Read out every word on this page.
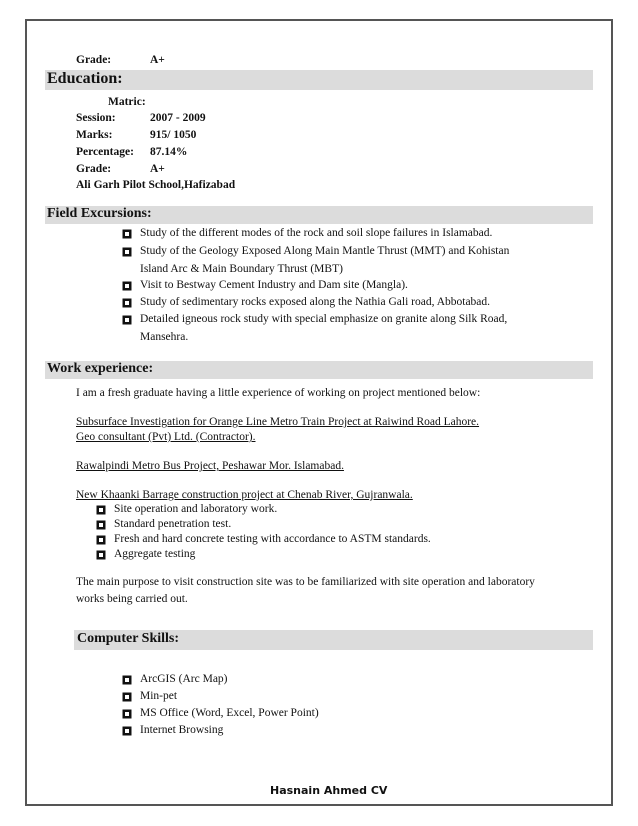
Grade:	A+
Education:
Matric:
Session:	2007 - 2009
Marks:	915/ 1050
Percentage: 87.14%
Grade:	A+
Ali Garh Pilot School,Hafizabad
Field Excursions:
Study of the different modes of the rock and soil slope failures in Islamabad.
Study of the Geology Exposed Along Main Mantle Thrust (MMT) and Kohistan
Island Arc & Main Boundary Thrust (MBT)
Visit to Bestway Cement Industry and Dam site (Mangla).
Study of sedimentary rocks exposed along the Nathia Gali road, Abbotabad.
Detailed igneous rock study with special emphasize on granite along Silk Road,
Mansehra.
Work experience:
I am a fresh graduate having a little experience of working on project mentioned below:
Subsurface Investigation for Orange Line Metro Train Project at Raiwind Road Lahore.
Geo consultant (Pvt) Ltd. (Contractor).
Rawalpindi Metro Bus Project, Peshawar Mor. Islamabad.
New Khaanki Barrage construction project at Chenab River, Gujranwala.
Site operation and laboratory work.
Standard penetration test.
Fresh and hard concrete testing with accordance to ASTM standards.
Aggregate testing
The main purpose to visit construction site was to be familiarized with site operation and laboratory
works being carried out.
Computer Skills:
ArcGIS (Arc Map)
Min-pet
MS Office (Word, Excel, Power Point)
Internet Browsing
Hasnain Ahmed CV
